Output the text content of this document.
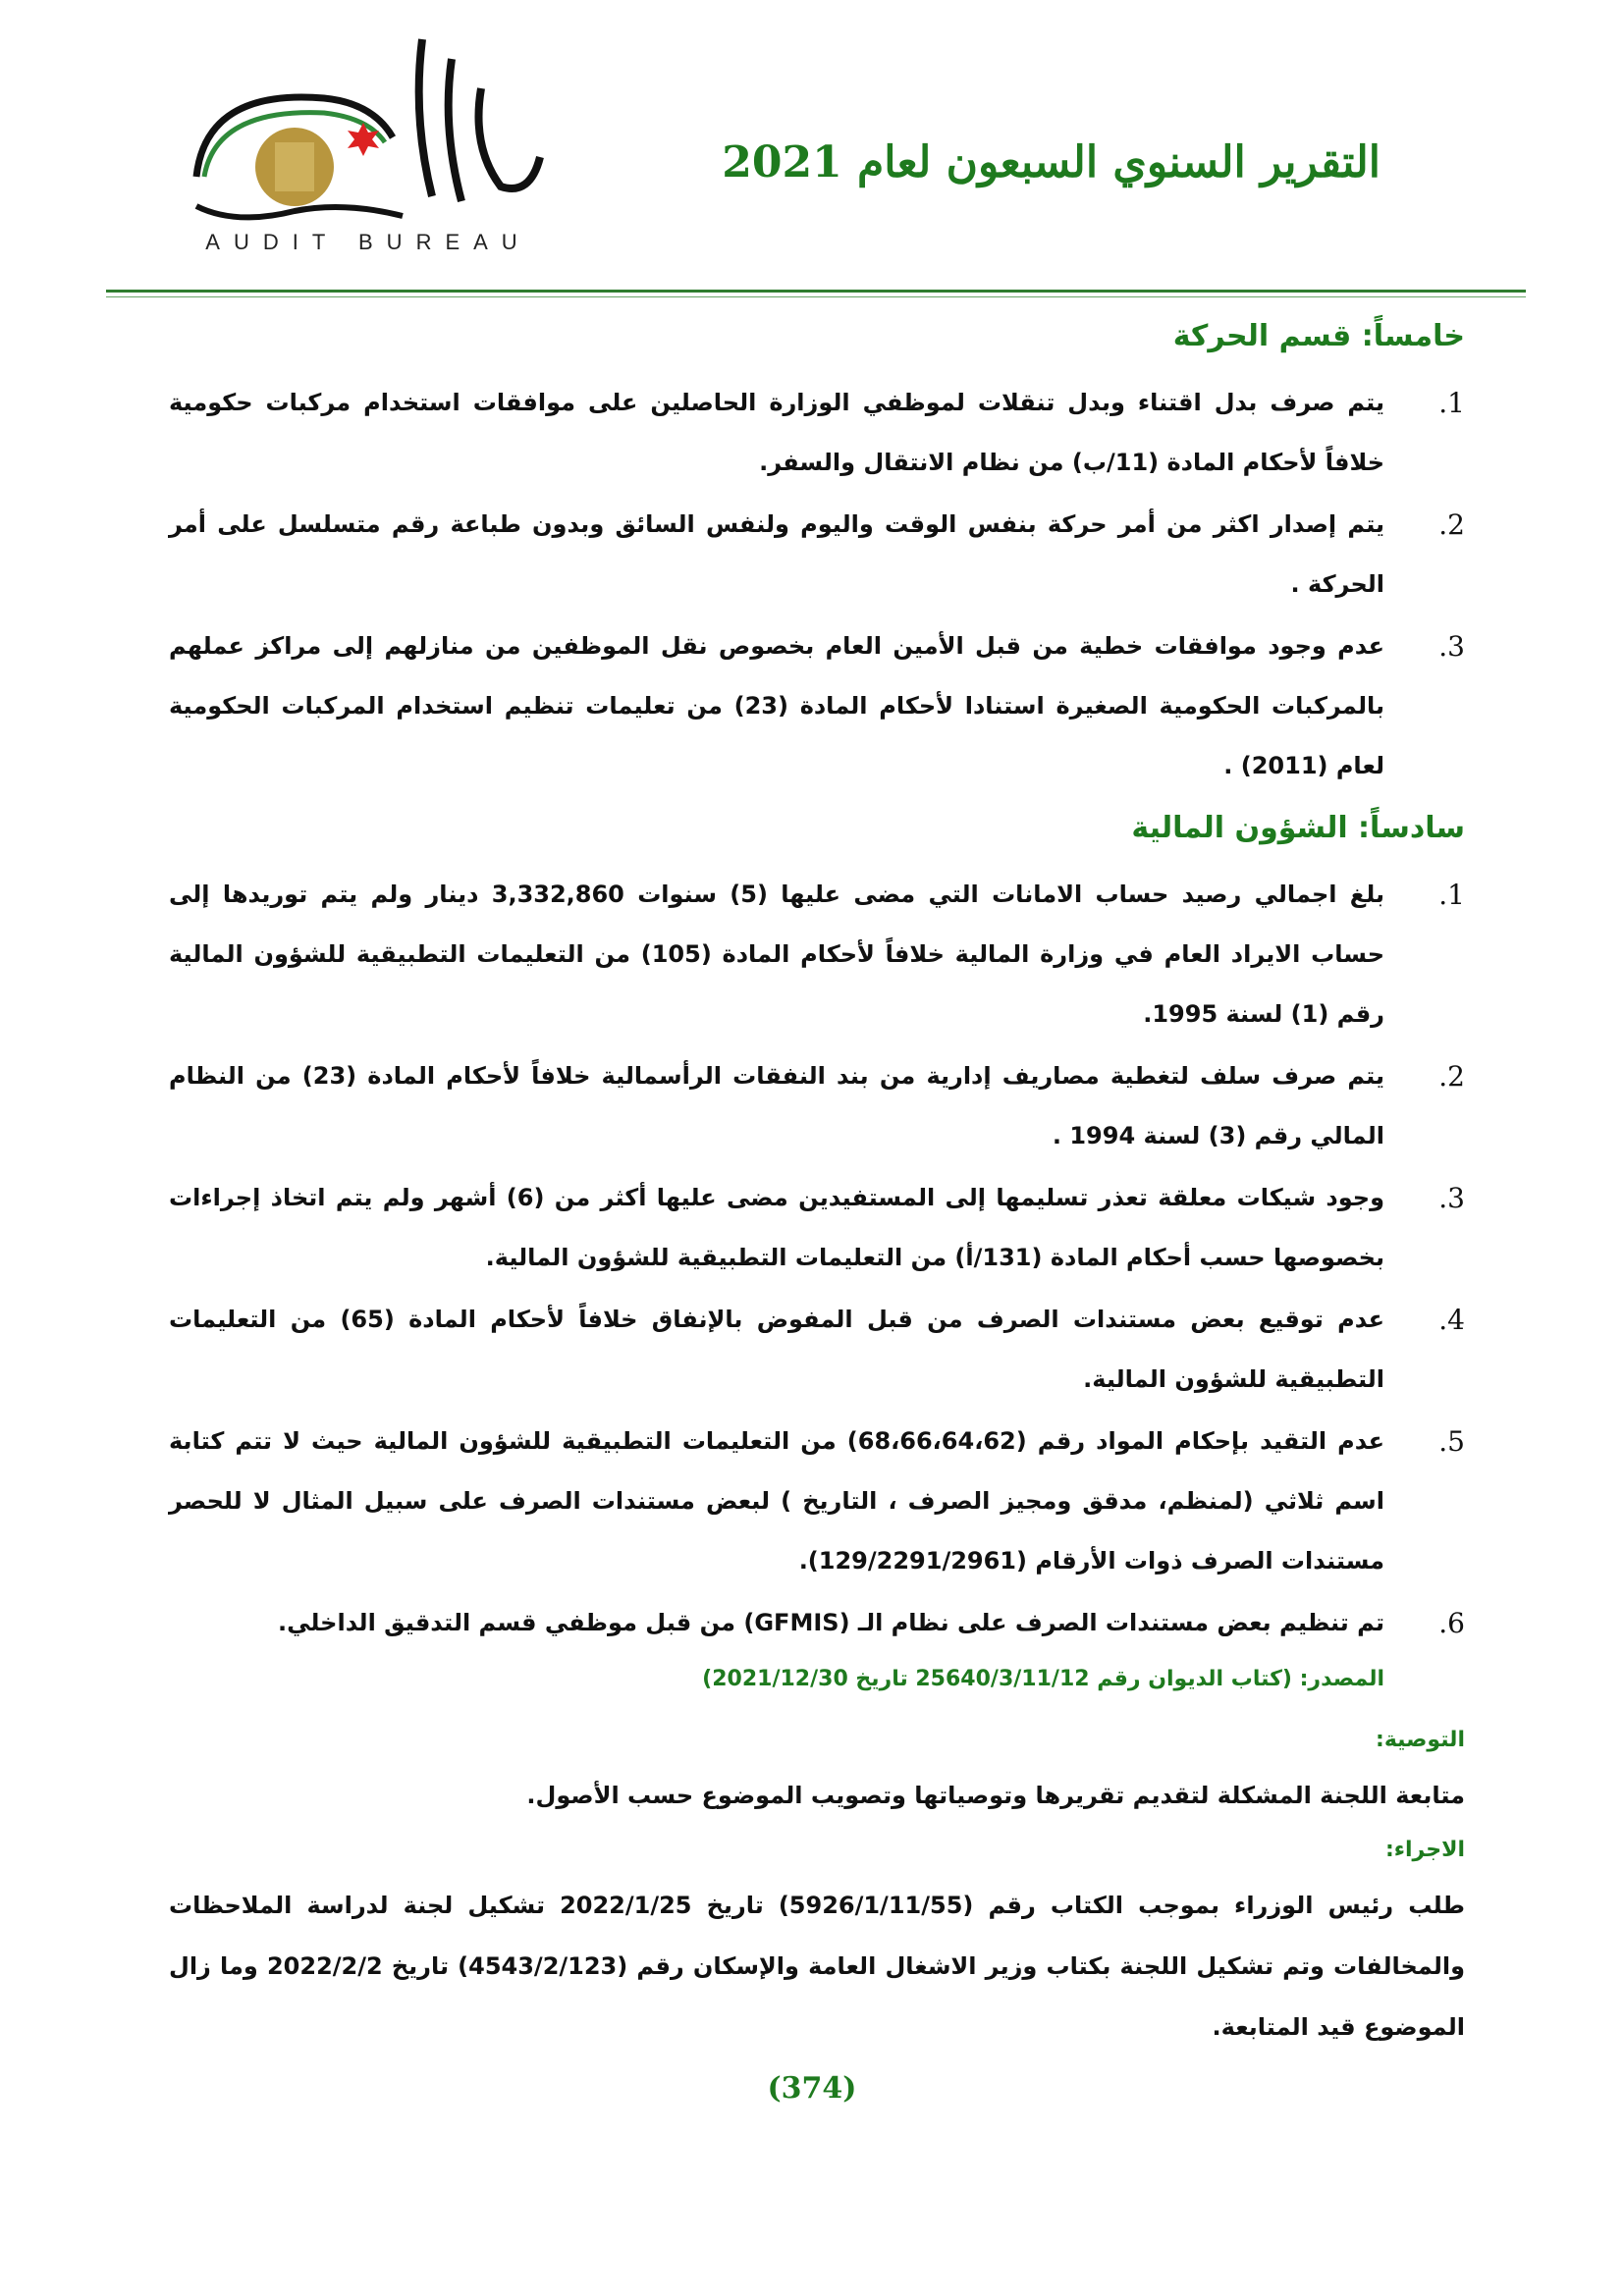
AUDIT BUREAU
التقرير السنوي السبعون لعام 2021
خامساً: قسم الحركة
1.
يتم صرف بدل اقتناء وبدل تنقلات لموظفي الوزارة الحاصلين على موافقات استخدام مركبات حكومية خلافاً لأحكام المادة (11/ب) من نظام الانتقال والسفر.
2.
يتم إصدار اكثر من أمر حركة بنفس الوقت واليوم ولنفس السائق وبدون طباعة رقم متسلسل على أمر الحركة .
3.
عدم وجود موافقات خطية من قبل الأمين العام بخصوص نقل الموظفين من منازلهم إلى مراكز عملهم بالمركبات الحكومية الصغيرة استنادا لأحكام المادة (23) من تعليمات تنظيم استخدام المركبات الحكومية لعام (2011) .
سادساً: الشؤون المالية
1.
بلغ اجمالي رصيد حساب الامانات التي مضى عليها (5) سنوات 3,332,860 دينار ولم يتم توريدها إلى حساب الايراد العام في وزارة المالية خلافاً لأحكام المادة (105) من التعليمات التطبيقية للشؤون المالية رقم (1) لسنة 1995.
2.
يتم صرف سلف لتغطية مصاريف إدارية من بند النفقات الرأسمالية خلافاً لأحكام المادة (23) من النظام المالي رقم (3) لسنة 1994 .
3.
وجود شيكات معلقة تعذر تسليمها إلى المستفيدين مضى عليها أكثر من (6) أشهر ولم يتم اتخاذ إجراءات بخصوصها حسب أحكام المادة (131/أ) من التعليمات التطبيقية للشؤون المالية.
4.
عدم توقيع بعض مستندات الصرف من قبل المفوض بالإنفاق خلافاً لأحكام المادة (65) من التعليمات التطبيقية للشؤون المالية.
5.
عدم التقيد بإحكام المواد رقم (68،66،64،62) من التعليمات التطبيقية للشؤون المالية حيث لا تتم كتابة اسم ثلاثي (لمنظم، مدقق ومجيز الصرف ، التاريخ ) لبعض مستندات الصرف على سبيل المثال لا للحصر مستندات الصرف ذوات الأرقام (129/2291/2961).
6.
تم تنظيم بعض مستندات الصرف على نظام الـ (GFMIS) من قبل موظفي قسم التدقيق الداخلي.
المصدر: (كتاب الديوان رقم 25640/3/11/12 تاريخ 2021/12/30)
التوصية:
متابعة اللجنة المشكلة لتقديم تقريرها وتوصياتها وتصويب الموضوع حسب الأصول.
الاجراء:
طلب رئيس الوزراء بموجب الكتاب رقم (5926/1/11/55) تاريخ 2022/1/25 تشكيل لجنة لدراسة الملاحظات والمخالفات وتم تشكيل اللجنة بكتاب وزير الاشغال العامة والإسكان رقم (4543/2/123) تاريخ 2022/2/2 وما زال الموضوع قيد المتابعة.
(374)
